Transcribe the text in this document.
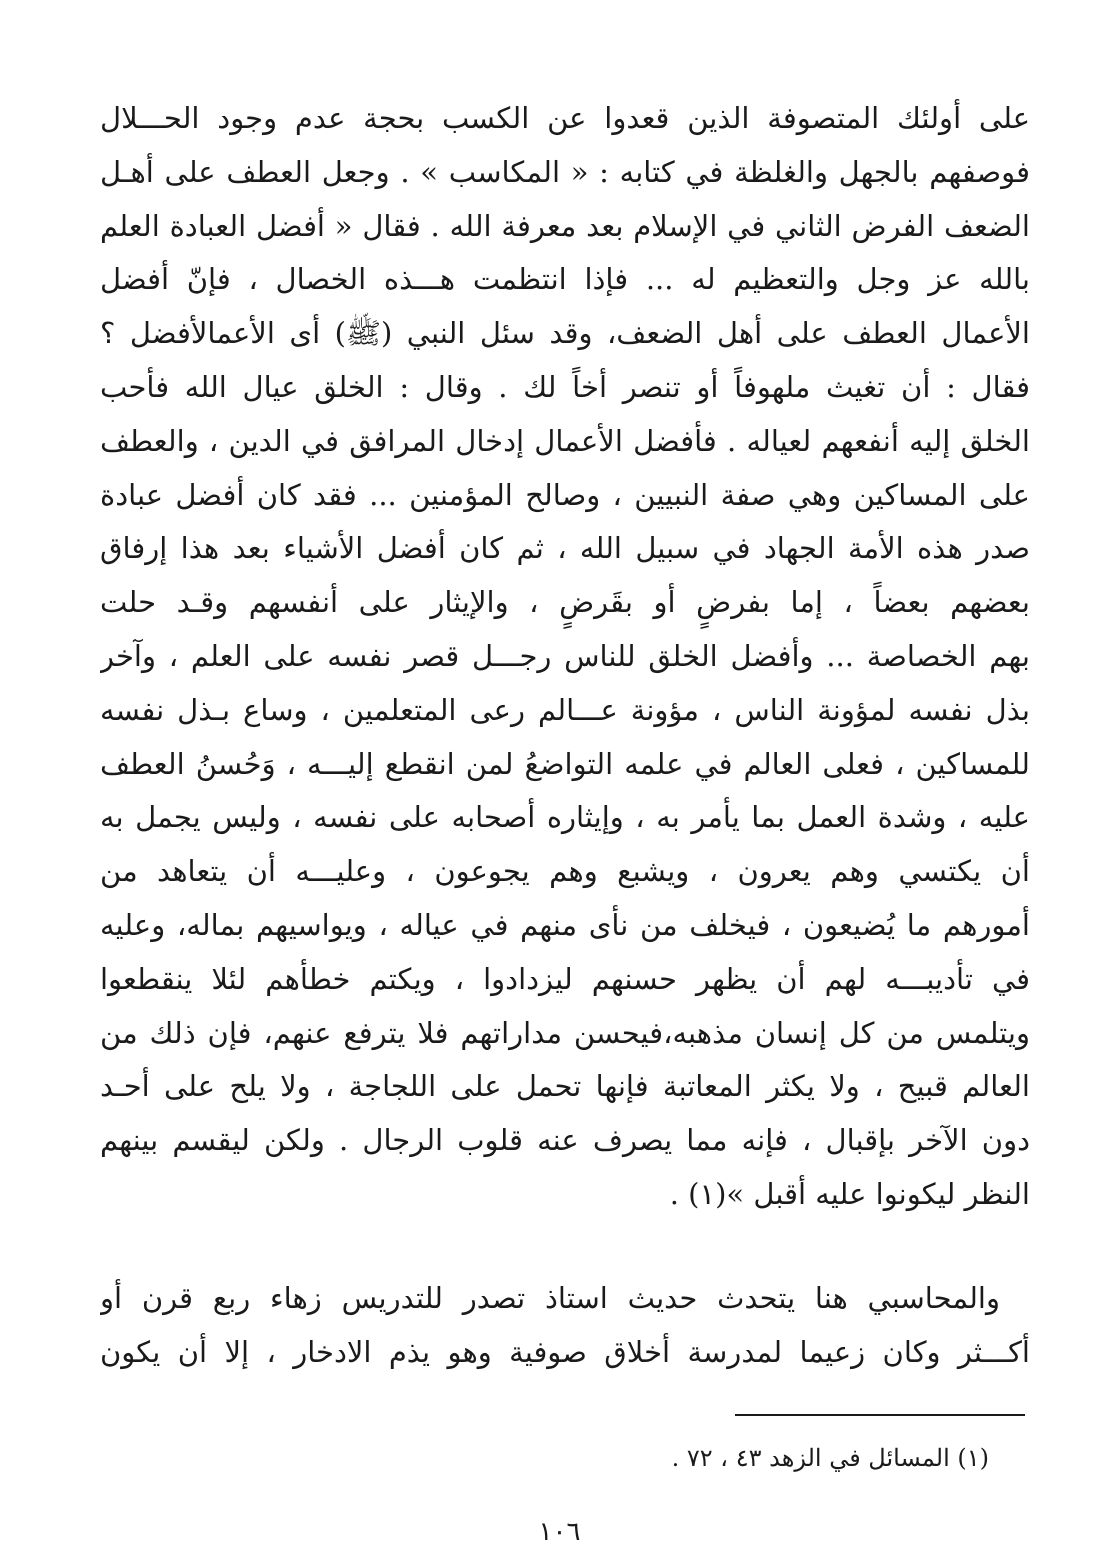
على أولئك المتصوفة الذين قعدوا عن الكسب بحجة عدم وجود الحـــلال
فوصفهم بالجهل والغلظة في كتابه : « المكاسب » . وجعل العطف على أهـل
الضعف الفرض الثاني في الإسلام بعد معرفة الله . فقال « أفضل العبادة العلم
بالله عز وجل والتعظيم له ... فإذا انتظمت هـــذه الخصال ، فإنّ أفضل
الأعمال العطف على أهل الضعف، وقد سئل النبي (ﷺ) أى الأعمالأفضل ؟
فقال : أن تغيث ملهوفاً أو تنصر أخاً لك . وقال : الخلق عيال الله فأحب
الخلق إليه أنفعهم لعياله . فأفضل الأعمال إدخال المرافق في الدين ، والعطف
على المساكين وهي صفة النبيين ، وصالح المؤمنين ... فقد كان أفضل عبادة
صدر هذه الأمة الجهاد في سبيل الله ، ثم كان أفضل الأشياء بعد هذا إرفاق
بعضهم بعضاً ، إما بفرضٍ أو بقَرضٍ ، والإيثار على أنفسهم وقـد حلت
بهم الخصاصة ... وأفضل الخلق للناس رجـــل قصر نفسه على العلم ، وآخر
بذل نفسه لمؤونة الناس ، مؤونة عـــالم رعى المتعلمين ، وساع بـذل نفسه
للمساكين ، فعلى العالم في علمه التواضعُ لمن انقطع إليـــه ، وَحُسنُ العطف
عليه ، وشدة العمل بما يأمر به ، وإيثاره أصحابه على نفسه ، وليس يجمل به
أن يكتسي وهم يعرون ، ويشبع وهم يجوعون ، وعليـــه أن يتعاهد من
أمورهم ما يُضيعون ، فيخلف من نأى منهم في عياله ، ويواسيهم بماله، وعليه
في تأديبـــه لهم أن يظهر حسنهم ليزدادوا ، ويكتم خطأهم لئلا ينقطعوا
ويتلمس من كل إنسان مذهبه،فيحسن مداراتهم فلا يترفع عنهم، فإن ذلك من
العالم قبيح ، ولا يكثر المعاتبة فإنها تحمل على اللجاجة ، ولا يلح على أحـد
دون الآخر بإقبال ، فإنه مما يصرف عنه قلوب الرجال . ولكن ليقسم بينهم
النظر ليكونوا عليه أقبل »(١) .
والمحاسبي هنا يتحدث حديث استاذ تصدر للتدريس زهاء ربع قرن أو
أكـــثر وكان زعيما لمدرسة أخلاق صوفية وهو يذم الادخار ، إلا أن يكون
(١) المسائل في الزهد ٤٣ ، ٧٢ .
١٠٦
